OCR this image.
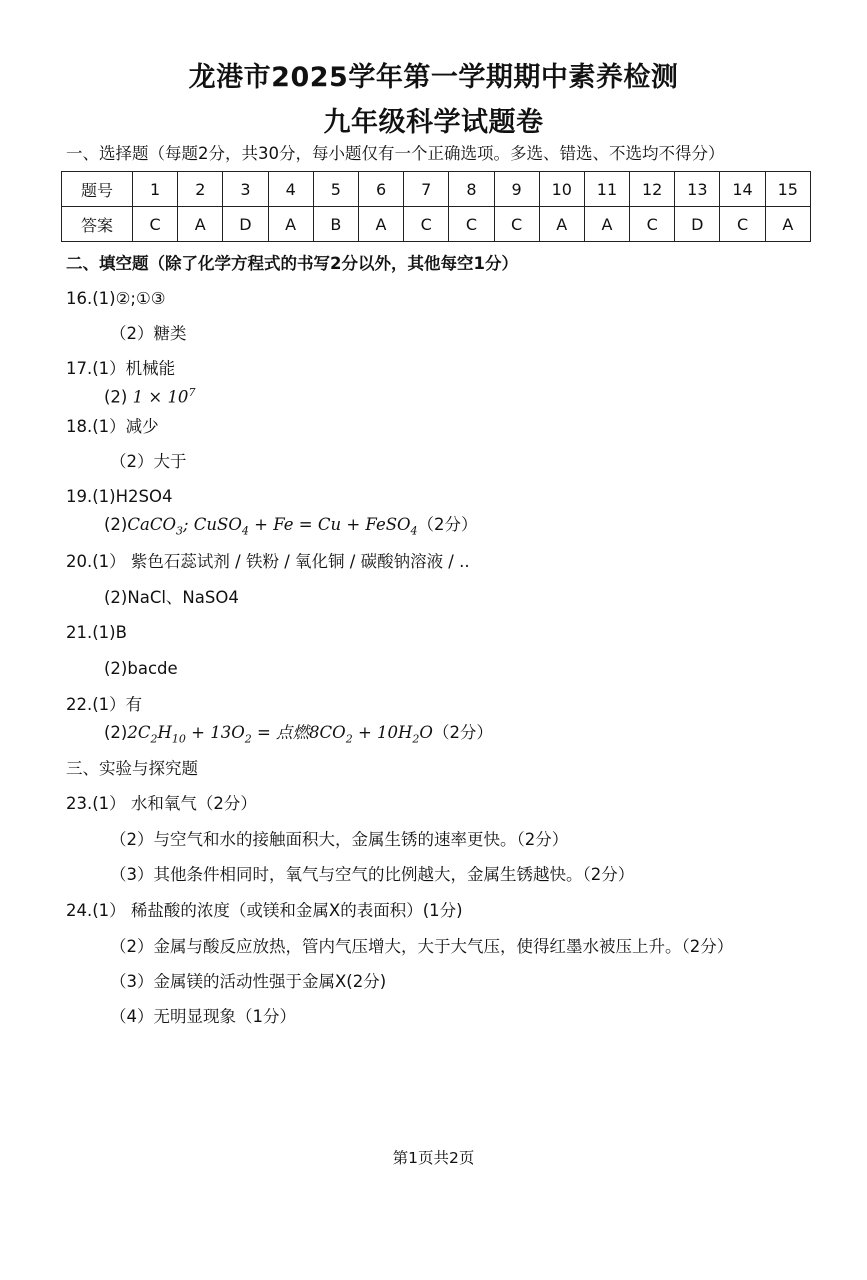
龙港市2025学年第一学期期中素养检测
九年级科学试题卷
一、选择题（每题2分，共30分，每小题仅有一个正确选项。多选、错选、不选均不得分）
题号	1	2	3	4	5	6	7	8	9	10	11	12	13	14	15
答案	C	A	D	A	B	A	C	C	C	A	A	C	D	C	A
二、填空题（除了化学方程式的书写2分以外，其他每空1分）
16.(1)②;①③
（2）糖类
17.(1）机械能
(2) $1 \times 10^7$
18.(1）减少
（2）大于
19.(1)H2SO4
(2)CaCO$_3$; CuSO$_4$ + Fe = Cu + FeSO$_4$（2分）
20.(1） 紫色石蕊试剂 / 铁粉 / 氧化铜 / 碳酸钠溶液 / ..
(2)NaCl、NaSO4
21.(1)B
(2)bacde
22.(1）有
$(2)2C_2H_{10} + 13O_2$ = 点燃$8CO_2 + 10H_2O(2$分）
三、实验与探究题
23.(1） 水和氧气（2分）
（2）与空气和水的接触面积大，金属生锈的速率更快。（2分）
（3）其他条件相同时，氧气与空气的比例越大，金属生锈越快。（2分）
24.(1） 稀盐酸的浓度（或镁和金属X的表面积）(1分)
（2）金属与酸反应放热，管内气压增大，大于大气压，使得红墨水被压上升。（2分）
（3）金属镁的活动性强于金属X(2分)
（4）无明显现象（1分）
第1页共2页
